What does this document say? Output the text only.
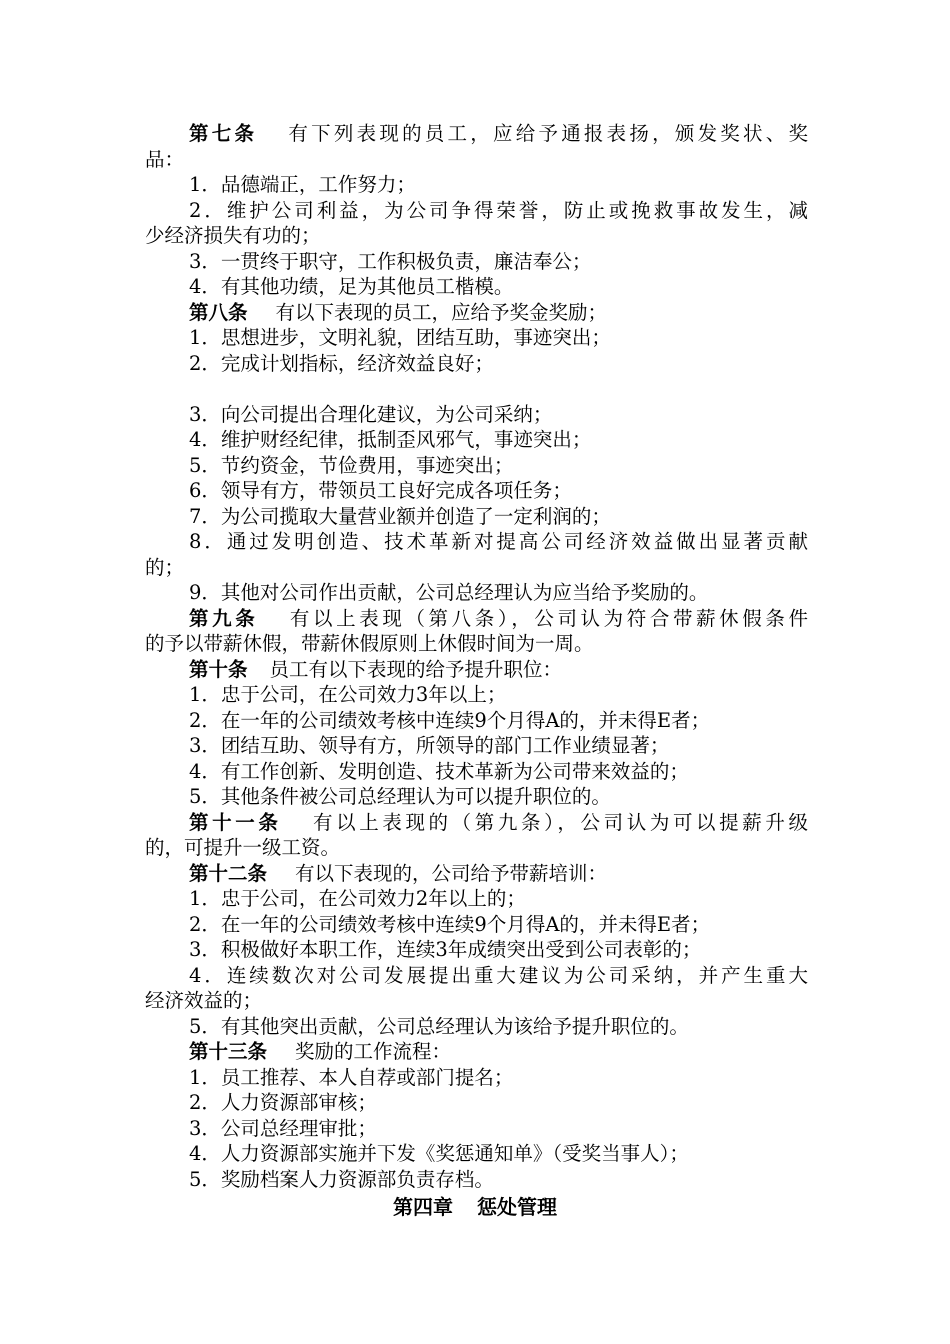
第七条 有下列表现的员工，应给予通报表扬，颁发奖状、奖
品：
1．品德端正，工作努力；
2．维护公司利益，为公司争得荣誉，防止或挽救事故发生，减
少经济损失有功的；
3．一贯终于职守，工作积极负责，廉洁奉公；
4．有其他功绩，足为其他员工楷模。
第八条 有以下表现的员工，应给予奖金奖励；
1．思想进步，文明礼貌，团结互助，事迹突出；
2．完成计划指标，经济效益良好；
3．向公司提出合理化建议，为公司采纳；
4．维护财经纪律，抵制歪风邪气，事迹突出；
5．节约资金，节俭费用，事迹突出；
6．领导有方，带领员工良好完成各项任务；
7．为公司揽取大量营业额并创造了一定利润的；
8．通过发明创造、技术革新对提高公司经济效益做出显著贡献
的；
9．其他对公司作出贡献，公司总经理认为应当给予奖励的。
第九条 有以上表现（第八条），公司认为符合带薪休假条件
的予以带薪休假，带薪休假原则上休假时间为一周。
第十条 员工有以下表现的给予提升职位：
1．忠于公司，在公司效力3年以上；
2．在一年的公司绩效考核中连续9个月得A的，并未得E者；
3．团结互助、领导有方，所领导的部门工作业绩显著；
4．有工作创新、发明创造、技术革新为公司带来效益的；
5．其他条件被公司总经理认为可以提升职位的。
第十一条 有以上表现的（第九条），公司认为可以提薪升级
的，可提升一级工资。
第十二条 有以下表现的，公司给予带薪培训：
1．忠于公司，在公司效力2年以上的；
2．在一年的公司绩效考核中连续9个月得A的，并未得E者；
3．积极做好本职工作，连续3年成绩突出受到公司表彰的；
4．连续数次对公司发展提出重大建议为公司采纳，并产生重大
经济效益的；
5．有其他突出贡献，公司总经理认为该给予提升职位的。
第十三条 奖励的工作流程：
1．员工推荐、本人自荐或部门提名；
2．人力资源部审核；
3．公司总经理审批；
4．人力资源部实施并下发《奖惩通知单》（受奖当事人）；
5．奖励档案人力资源部负责存档。
第四章 惩处管理
